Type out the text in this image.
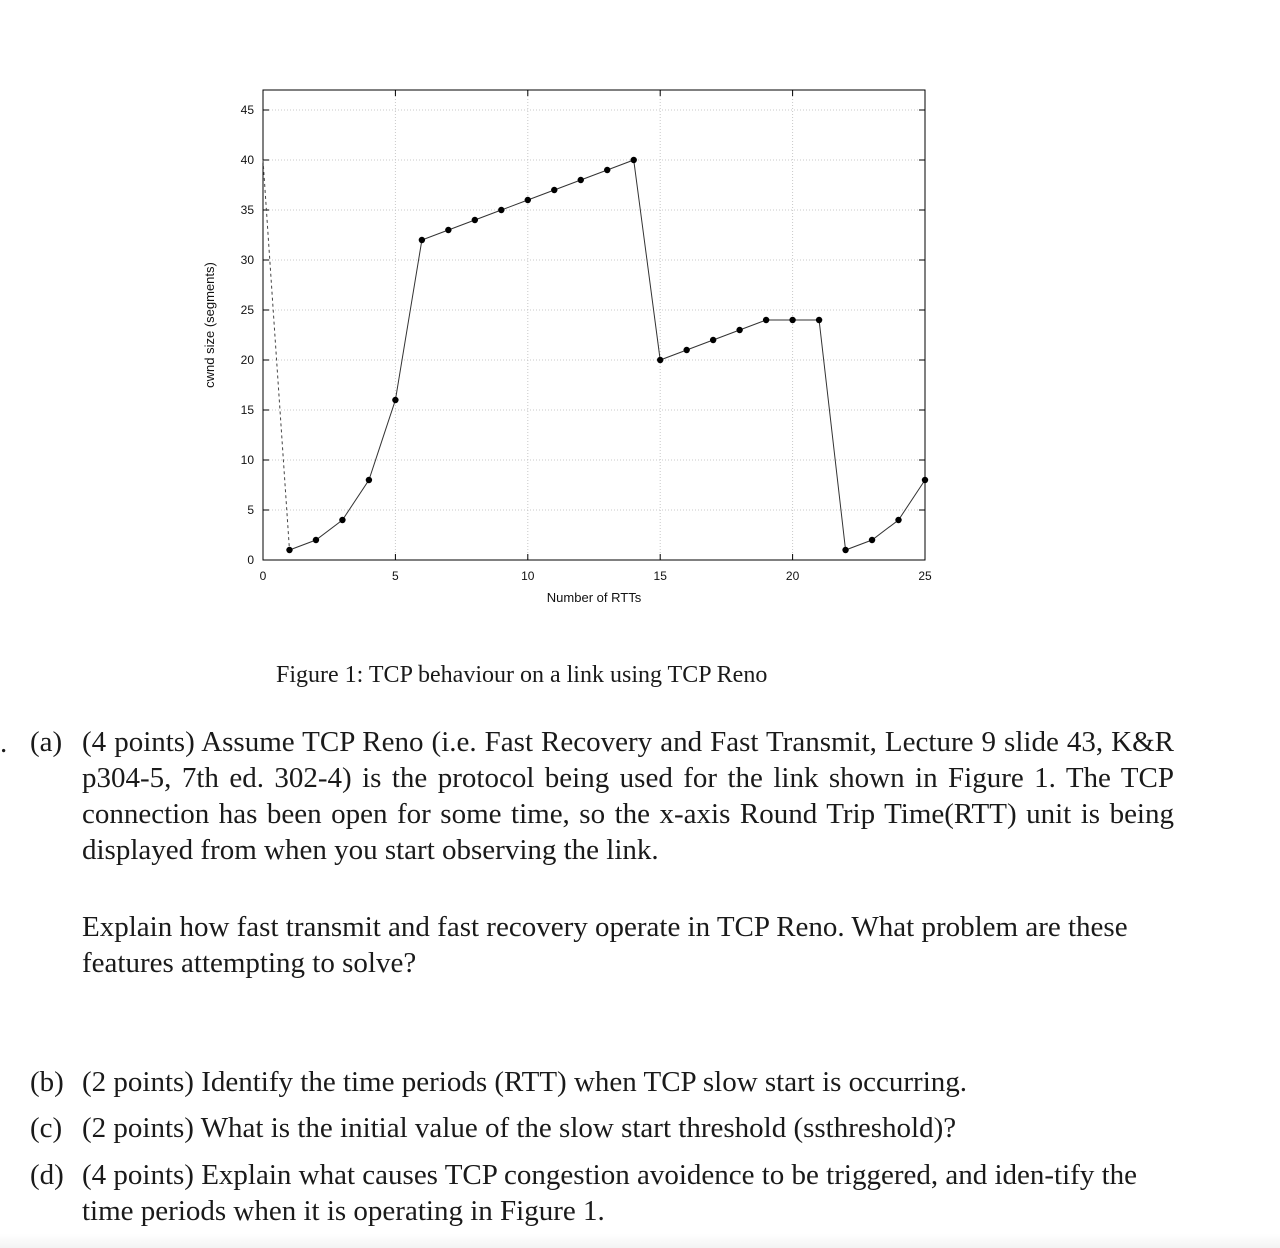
0
5
10
15
20
25
30
35
40
45
0	5	10	15	20	25
Number of RTTs
cwnd size (segments)
Figure 1: TCP behaviour on a link using TCP Reno
. (a) (4 points) Assume TCP Reno (i.e. Fast Recovery and Fast Transmit, Lecture 9 slide 43, K&R p304-5, 7th ed. 302-4) is the protocol being used for the link shown in Figure 1. The TCP connection has been open for some time, so the x-axis Round Trip Time(RTT) unit is being displayed from when you start observing the link.
Explain how fast transmit and fast recovery operate in TCP Reno. What problem are these features attempting to solve?
(b) (2 points) Identify the time periods (RTT) when TCP slow start is occurring.
(c) (2 points) What is the initial value of the slow start threshold (ssthreshold)?
(d) (4 points) Explain what causes TCP congestion avoidence to be triggered, and iden-tify the time periods when it is operating in Figure 1.
